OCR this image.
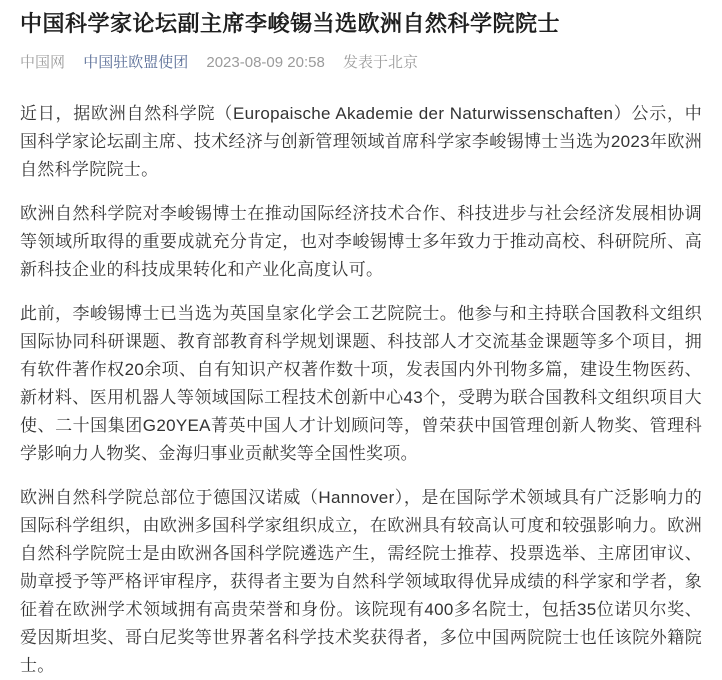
中国科学家论坛副主席李峻锡当选欧洲自然科学院院士
中国网 中国驻欧盟使团 2023-08-09 20:58 发表于北京

近日，据欧洲自然科学院（Europaische Akademie der Naturwissenschaften）公示，中国科学家论坛副主席、技术经济与创新管理领域首席科学家李峻锡博士当选为2023年欧洲自然科学院院士。

欧洲自然科学院对李峻锡博士在推动国际经济技术合作、科技进步与社会经济发展相协调等领域所取得的重要成就充分肯定，也对李峻锡博士多年致力于推动高校、科研院所、高新科技企业的科技成果转化和产业化高度认可。

此前，李峻锡博士已当选为英国皇家化学会工艺院院士。他参与和主持联合国教科文组织国际协同科研课题、教育部教育科学规划课题、科技部人才交流基金课题等多个项目，拥有软件著作权20余项、自有知识产权著作数十项，发表国内外刊物多篇，建设生物医药、新材料、医用机器人等领域国际工程技术创新中心43个，受聘为联合国教科文组织项目大使、二十国集团G20YEA菁英中国人才计划顾问等，曾荣获中国管理创新人物奖、管理科学影响力人物奖、金海归事业贡献奖等全国性奖项。

欧洲自然科学院总部位于德国汉诺威（Hannover），是在国际学术领域具有广泛影响力的国际科学组织，由欧洲多国科学家组织成立，在欧洲具有较高认可度和较强影响力。欧洲自然科学院院士是由欧洲各国科学院遴选产生，需经院士推荐、投票选举、主席团审议、勋章授予等严格评审程序，获得者主要为自然科学领域取得优异成绩的科学家和学者，象征着在欧洲学术领域拥有高贵荣誉和身份。该院现有400多名院士，包括35位诺贝尔奖、爱因斯坦奖、哥白尼奖等世界著名科学技术奖获得者，多位中国两院院士也任该院外籍院士。
